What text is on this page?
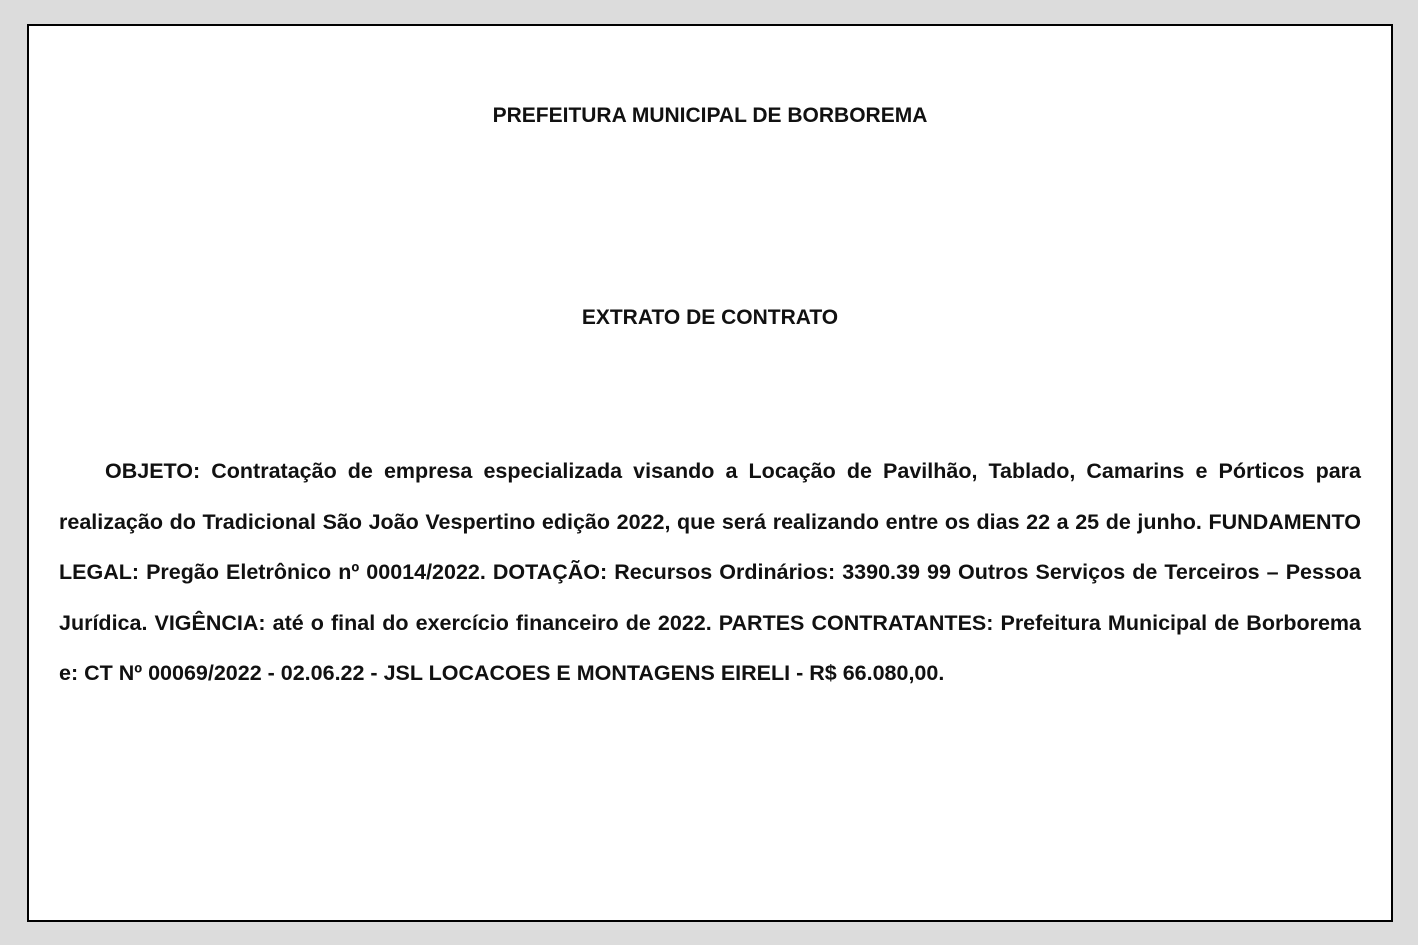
PREFEITURA MUNICIPAL DE BORBOREMA
EXTRATO DE CONTRATO

OBJETO: Contratação de empresa especializada visando a Locação de Pavilhão, Tablado, Camarins e Pórticos para realização do Tradicional São João Vespertino edição 2022, que será realizando entre os dias 22 a 25 de junho. FUNDAMENTO LEGAL: Pregão Eletrônico nº 00014/2022. DOTAÇÃO: Recursos Ordinários: 3390.39 99 Outros Serviços de Terceiros – Pessoa Jurídica. VIGÊNCIA: até o final do exercício financeiro de 2022. PARTES CONTRATANTES: Prefeitura Municipal de Borborema e: CT Nº 00069/2022 - 02.06.22 - JSL LOCACOES E MONTAGENS EIRELI - R$ 66.080,00.
